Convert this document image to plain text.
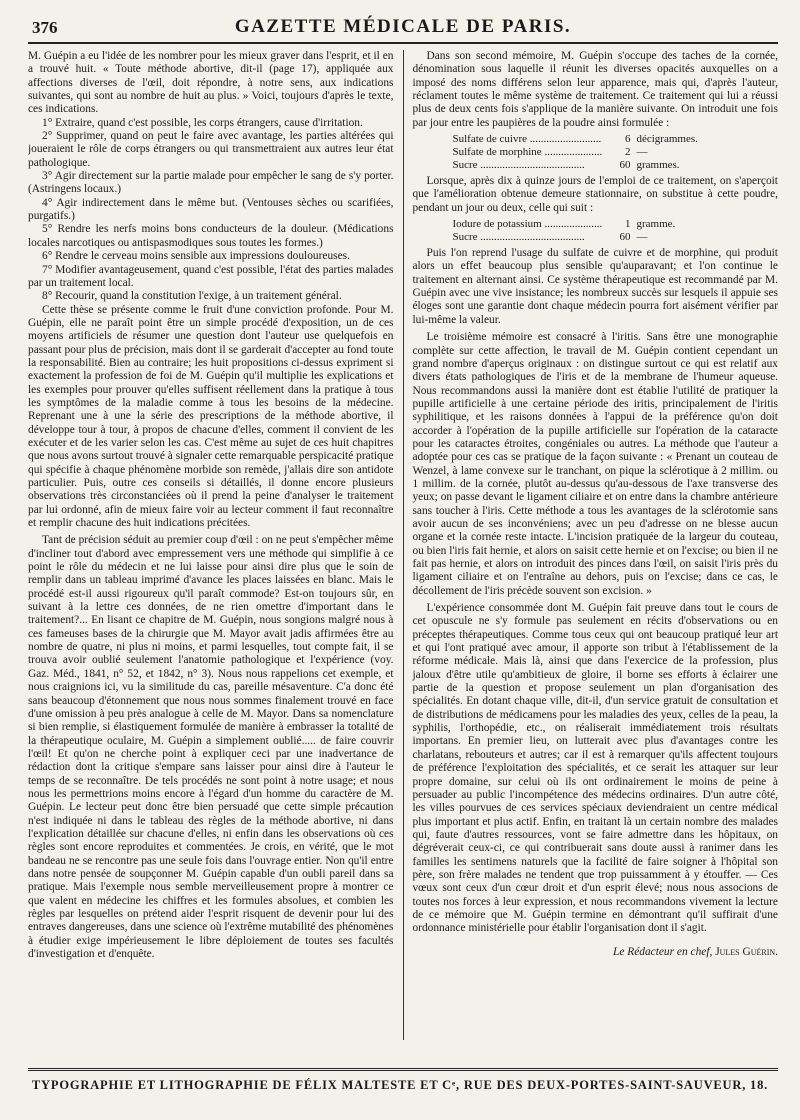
376	GAZETTE MÉDICALE DE PARIS.

M. Guépin a eu l'idée de les nombrer pour les mieux graver dans l'esprit, et il en a trouvé huit. « Toute méthode abortive, dit-il (page 17), appliquée aux affections diverses de l'œil, doit répondre, à notre sens, aux indications suivantes, qui sont au nombre de huit au plus. » Voici, toujours d'après le texte, ces indications.

1° Extraire, quand c'est possible, les corps étrangers, cause d'irritation.

2° Supprimer, quand on peut le faire avec avantage, les parties altérées qui joueraient le rôle de corps étrangers ou qui transmettraient aux autres leur état pathologique.

3° Agir directement sur la partie malade pour empêcher le sang de s'y porter. (Astringens locaux.)

4° Agir indirectement dans le même but. (Ventouses sèches ou scarifiées, purgatifs.)

5° Rendre les nerfs moins bons conducteurs de la douleur. (Médications locales narcotiques ou antispasmodiques sous toutes les formes.)

6° Rendre le cerveau moins sensible aux impressions douloureuses.

7° Modifier avantageusement, quand c'est possible, l'état des parties malades par un traitement local.

8° Recourir, quand la constitution l'exige, à un traitement général.

Cette thèse se présente comme le fruit d'une conviction profonde. Pour M. Guépin, elle ne paraît point être un simple procédé d'exposition, un de ces moyens artificiels de résumer une question dont l'auteur use quelquefois en passant pour plus de précision, mais dont il se garderait d'accepter au fond toute la responsabilité. Bien au contraire; les huit propositions ci-dessus expriment si exactement la profession de foi de M. Guépin qu'il multiplie les explications et les exemples pour prouver qu'elles suffisent réellement dans la pratique à tous les symptômes de la maladie comme à tous les besoins de la médecine. Reprenant une à une la série des prescriptions de la méthode abortive, il développe tour à tour, à propos de chacune d'elles, comment il convient de les exécuter et de les varier selon les cas. C'est même au sujet de ces huit chapitres que nous avons surtout trouvé à signaler cette remarquable perspicacité pratique qui spécifie à chaque phénomène morbide son remède, j'allais dire son antidote particulier. Puis, outre ces conseils si détaillés, il donne encore plusieurs observations très circonstanciées où il prend la peine d'analyser le traitement par lui ordonné, afin de mieux faire voir au lecteur comment il faut reconnaître et remplir chacune des huit indications précitées.

Tant de précision séduit au premier coup d'œil : on ne peut s'empêcher même d'incliner tout d'abord avec empressement vers une méthode qui simplifie à ce point le rôle du médecin et ne lui laisse pour ainsi dire plus que le soin de remplir dans un tableau imprimé d'avance les places laissées en blanc. Mais le procédé est-il aussi rigoureux qu'il paraît commode? Est-on toujours sûr, en suivant à la lettre ces données, de ne rien omettre d'important dans le traitement?... En lisant ce chapitre de M. Guépin, nous songions malgré nous à ces fameuses bases de la chirurgie que M. Mayor avait jadis affirmées être au nombre de quatre, ni plus ni moins, et parmi lesquelles, tout compte fait, il se trouva avoir oublié seulement l'anatomie pathologique et l'expérience (voy. Gaz. Méd., 1841, n° 52, et 1842, n° 3). Nous nous rappelions cet exemple, et nous craignions ici, vu la similitude du cas, pareille mésaventure. C'a donc été sans beaucoup d'étonnement que nous nous sommes finalement trouvé en face d'une omission à peu près analogue à celle de M. Mayor. Dans sa nomenclature si bien remplie, si élastiquement formulée de manière à embrasser la totalité de la thérapeutique oculaire, M. Guépin a simplement oublié..... de faire couvrir l'œil! Et qu'on ne cherche point à expliquer ceci par une inadvertance de rédaction dont la critique s'empare sans laisser pour ainsi dire à l'auteur le temps de se reconnaître. De tels procédés ne sont point à notre usage; et nous nous les permettrions moins encore à l'égard d'un homme du caractère de M. Guépin. Le lecteur peut donc être bien persuadé que cette simple précaution n'est indiquée ni dans le tableau des règles de la méthode abortive, ni dans l'explication détaillée sur chacune d'elles, ni enfin dans les observations où ces règles sont encore reproduites et commentées. Je crois, en vérité, que le mot bandeau ne se rencontre pas une seule fois dans l'ouvrage entier. Non qu'il entre dans notre pensée de soupçonner M. Guépin capable d'un oubli pareil dans sa pratique. Mais l'exemple nous semble merveilleusement propre à montrer ce que valent en médecine les chiffres et les formules absolues, et combien les règles par lesquelles on prétend aider l'esprit risquent de devenir pour lui des entraves dangereuses, dans une science où l'extrême mutabilité des phénomènes à étudier exige impérieusement le libre déploiement de toutes ses facultés d'investigation et d'enquête.

Dans son second mémoire, M. Guépin s'occupe des taches de la cornée, dénomination sous laquelle il réunit les diverses opacités auxquelles on a imposé des noms différens selon leur apparence, mais qui, d'après l'auteur, réclament toutes le même système de traitement. Ce traitement qui lui a réussi plus de deux cents fois s'applique de la manière suivante. On introduit une fois par jour entre les paupières de la poudre ainsi formulée :

Sulfate de cuivre .....	6 décigrammes.
Sulfate de morphine .....	2 —
Sucre .....	60 grammes.

Lorsque, après dix à quinze jours de l'emploi de ce traitement, on s'aperçoit que l'amélioration obtenue demeure stationnaire, on substitue à cette poudre, pendant un jour ou deux, celle qui suit :

Iodure de potassium .....	1 gramme.
Sucre .....	60 —

Puis l'on reprend l'usage du sulfate de cuivre et de morphine, qui produit alors un effet beaucoup plus sensible qu'auparavant; et l'on continue le traitement en alternant ainsi. Ce système thérapeutique est recommandé par M. Guépin avec une vive insistance; les nombreux succès sur lesquels il appuie ses éloges sont une garantie dont chaque médecin pourra fort aisément vérifier par lui-même la valeur.

Le troisième mémoire est consacré à l'iritis. Sans être une monographie complète sur cette affection, le travail de M. Guépin contient cependant un grand nombre d'aperçus originaux : on distingue surtout ce qui est relatif aux divers états pathologiques de l'iris et de la membrane de l'humeur aqueuse. Nous recommandons aussi la manière dont est établie l'utilité de pratiquer la pupille artificielle à une certaine période des iritis, principalement de l'iritis syphilitique, et les raisons données à l'appui de la préférence qu'on doit accorder à l'opération de la pupille artificielle sur l'opération de la cataracte pour les cataractes étroites, congéniales ou autres. La méthode que l'auteur a adoptée pour ces cas se pratique de la façon suivante : « Prenant un couteau de Wenzel, à lame convexe sur le tranchant, on pique la sclérotique à 2 millim. ou 1 millim. de la cornée, plutôt au-dessus qu'au-dessous de l'axe transverse des yeux; on passe devant le ligament ciliaire et on entre dans la chambre antérieure sans toucher à l'iris. Cette méthode a tous les avantages de la sclérotomie sans avoir aucun de ses inconvéniens; avec un peu d'adresse on ne blesse aucun organe et la cornée reste intacte. L'incision pratiquée de la largeur du couteau, ou bien l'iris fait hernie, et alors on saisit cette hernie et on l'excise; ou bien il ne fait pas hernie, et alors on introduit des pinces dans l'œil, on saisit l'iris près du ligament ciliaire et on l'entraîne au dehors, puis on l'excise; dans ce cas, le décollement de l'iris précède souvent son excision. »

L'expérience consommée dont M. Guépin fait preuve dans tout le cours de cet opuscule ne s'y formule pas seulement en récits d'observations ou en préceptes thérapeutiques. Comme tous ceux qui ont beaucoup pratiqué leur art et qui l'ont pratiqué avec amour, il apporte son tribut à l'établissement de la réforme médicale. Mais là, ainsi que dans l'exercice de la profession, plus jaloux d'être utile qu'ambitieux de gloire, il borne ses efforts à éclairer une partie de la question et propose seulement un plan d'organisation des spécialités. En dotant chaque ville, dit-il, d'un service gratuit de consultation et de distributions de médicamens pour les maladies des yeux, celles de la peau, la syphilis, l'orthopédie, etc., on réaliserait immédiatement trois résultats importans. En premier lieu, on lutterait avec plus d'avantages contre les charlatans, rebouteurs et autres; car il est à remarquer qu'ils affectent toujours de préférence l'exploitation des spécialités, et ce serait les attaquer sur leur propre domaine, sur celui où ils ont ordinairement le moins de peine à persuader au public l'incompétence des médecins ordinaires. D'un autre côté, les villes pourvues de ces services spéciaux deviendraient un centre médical plus important et plus actif. Enfin, en traitant là un certain nombre des malades qui, faute d'autres ressources, vont se faire admettre dans les hôpitaux, on dégréverait ceux-ci, ce qui contribuerait sans doute aussi à ranimer dans les familles les sentimens naturels que la facilité de faire soigner à l'hôpital son père, son frère malades ne tendent que trop puissamment à y étouffer. — Ces vœux sont ceux d'un cœur droit et d'un esprit élevé; nous nous associons de toutes nos forces à leur expression, et nous recommandons vivement la lecture de ce mémoire que M. Guépin termine en démontrant qu'il suffirait d'une ordonnance ministérielle pour établir l'organisation dont il s'agit.

Le Rédacteur en chef, Jules Guérin.
TYPOGRAPHIE ET LITHOGRAPHIE DE FÉLIX MALTESTE ET Cᵉ, RUE DES DEUX-PORTES-SAINT-SAUVEUR, 18.
